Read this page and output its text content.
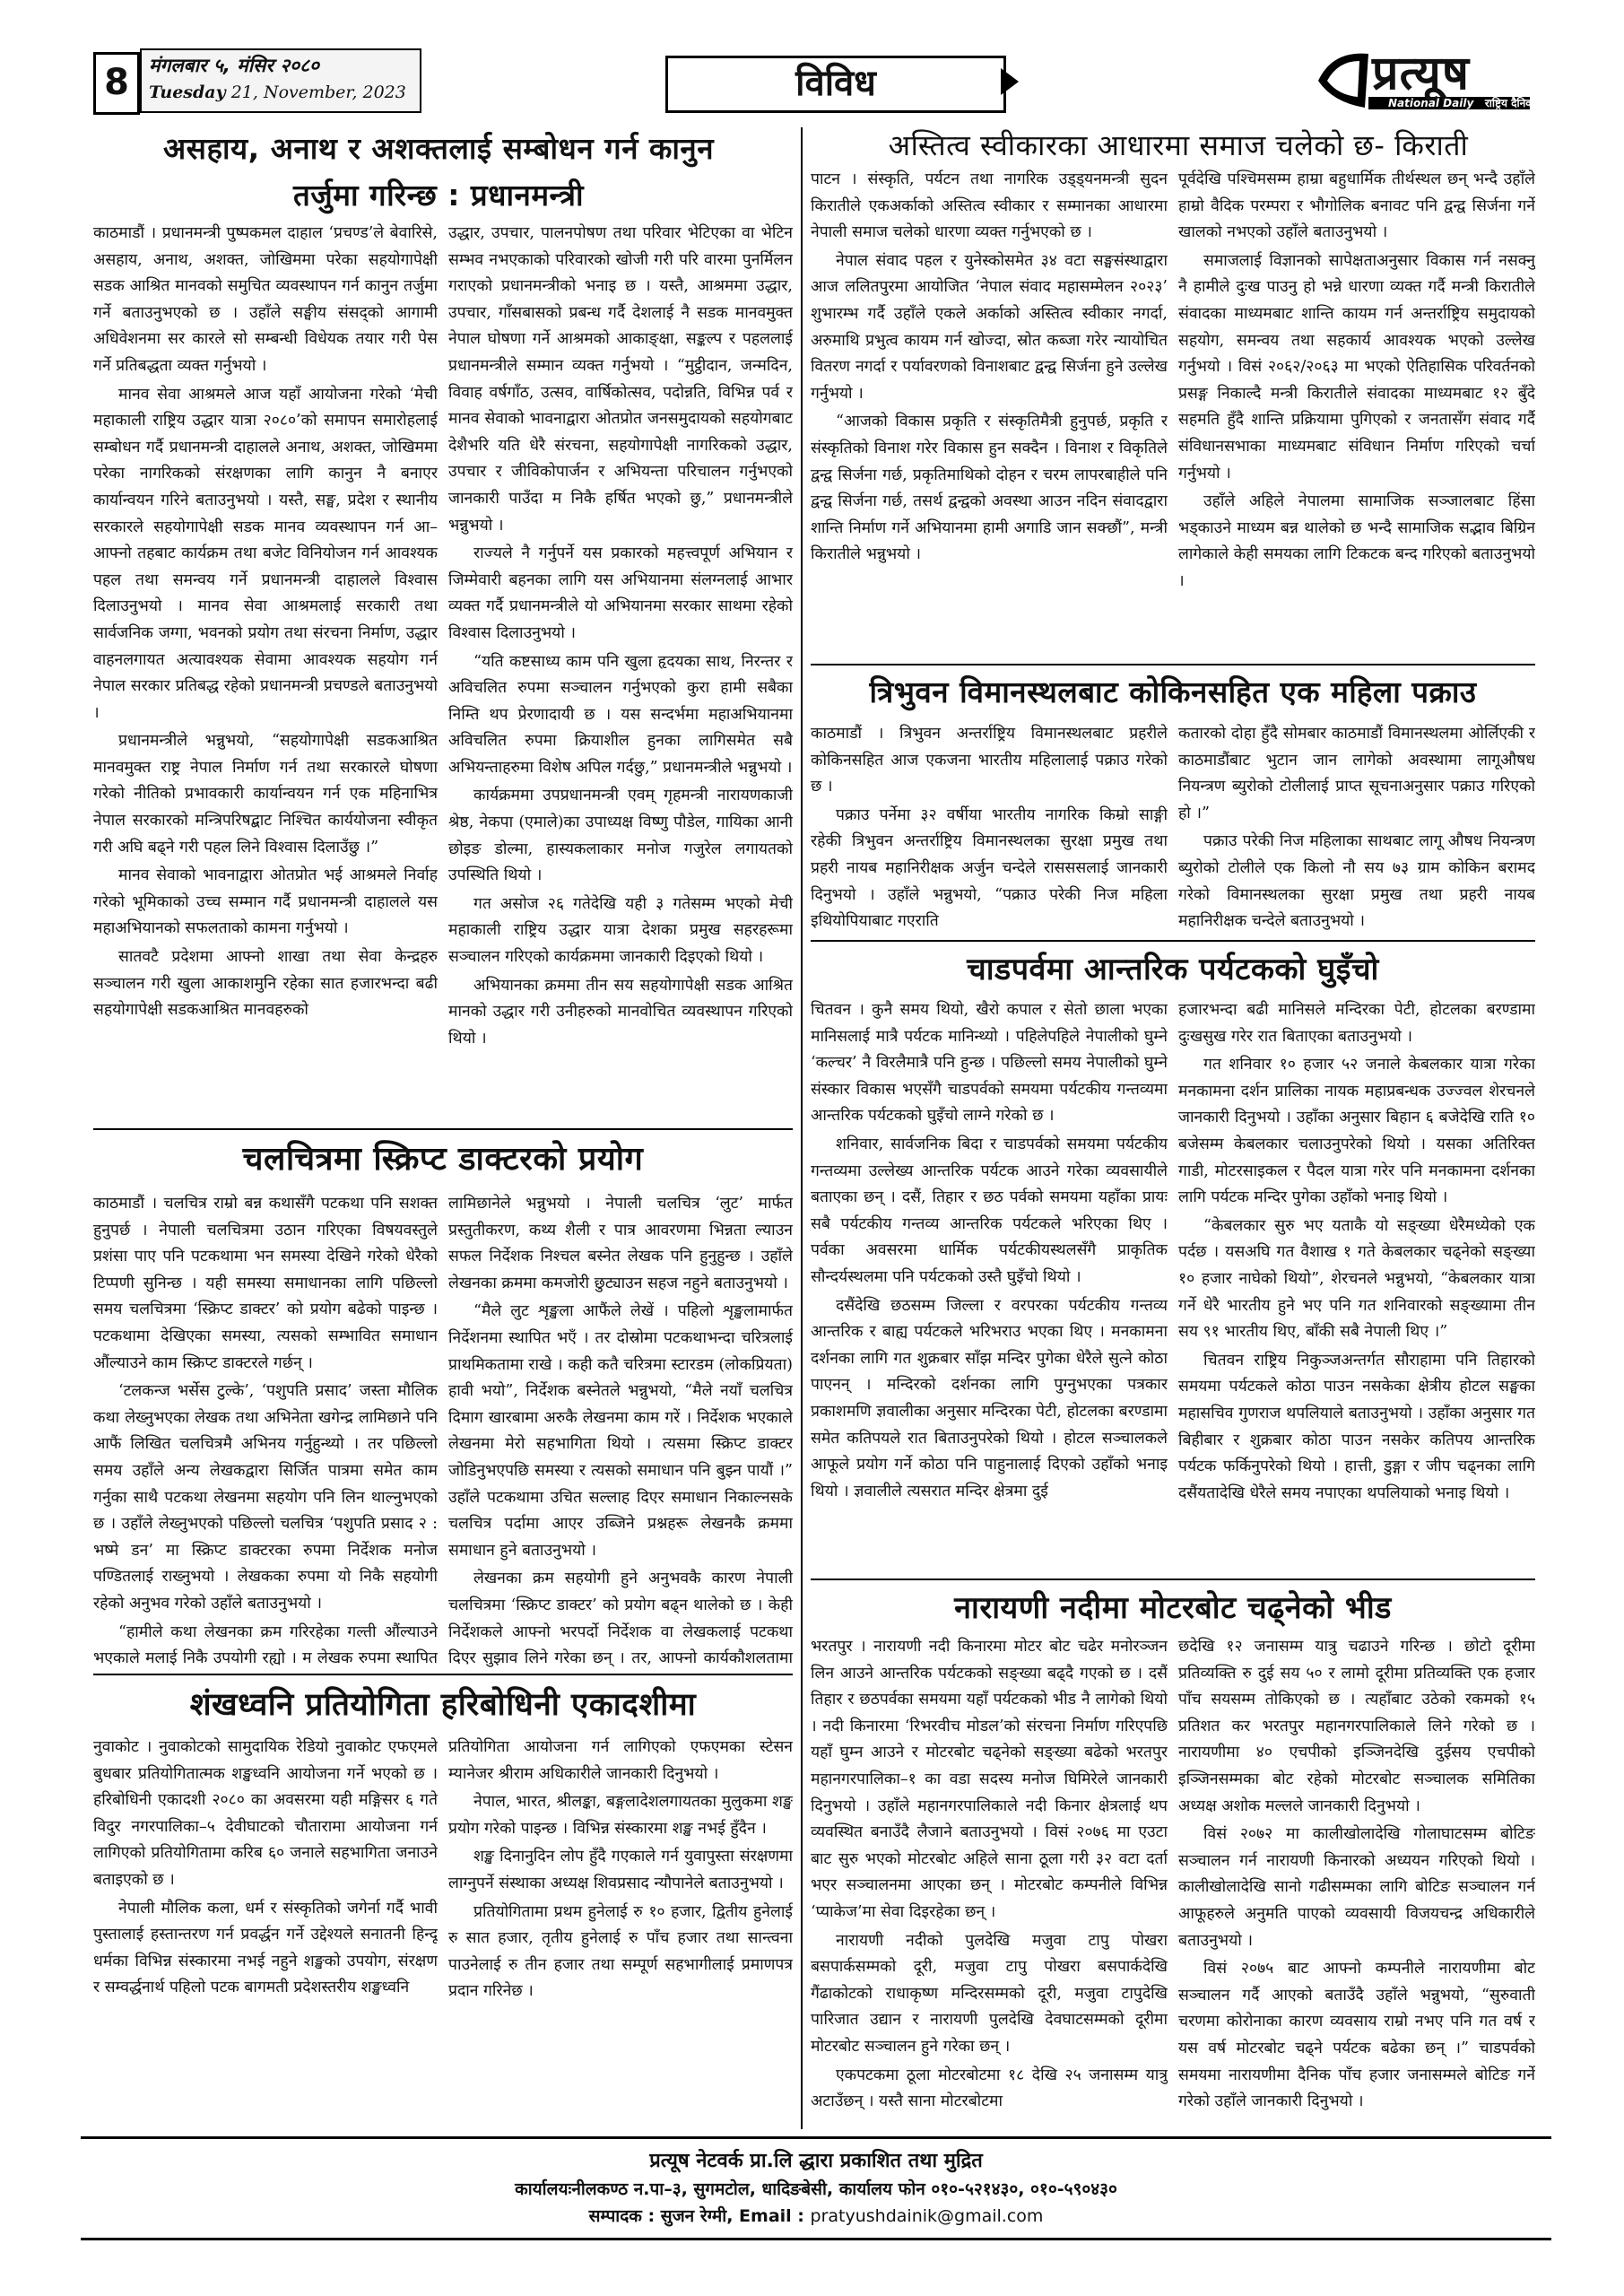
8	मंगलबार ५, मंसिर २०८०
Tuesday 21, November, 2023	विविध	प्रत्यूष
National Daily राष्ट्रिय दैनिक
असहाय, अनाथ र अशक्तलाई सम्बोधन गर्न कानुन
तर्जुमा गरिन्छ : प्रधानमन्त्री

काठमाडौं । प्रधानमन्त्री पुष्पकमल दाहाल ‘प्रचण्ड’ले बेवारिसे, असहाय, अनाथ, अशक्त, जोखिममा परेका सहयोगापेक्षी सडक आश्रित मानवको समुचित व्यवस्थापन गर्न कानुन तर्जुमा गर्ने बताउनुभएको छ । उहाँले सङ्घीय संसद्को आगामी अधिवेशनमा सर कारले सो सम्बन्धी विधेयक तयार गरी पेस गर्ने प्रतिबद्धता व्यक्त गर्नुभयो ।

मानव सेवा आश्रमले आज यहाँ आयोजना गरेको ‘मेची महाकाली राष्ट्रिय उद्धार यात्रा २०८०’को समापन समारोहलाई सम्बोधन गर्दै प्रधानमन्त्री दाहालले अनाथ, अशक्त, जोखिममा परेका नागरिकको संरक्षणका लागि कानुन नै बनाएर कार्यान्वयन गरिने बताउनुभयो । यस्तै, सङ्घ, प्रदेश र स्थानीय सरकारले सहयोगापेक्षी सडक मानव व्यवस्थापन गर्न आ–आफ्नो तहबाट कार्यक्रम तथा बजेट विनियोजन गर्न आवश्यक पहल तथा समन्वय गर्ने प्रधानमन्त्री दाहालले विश्वास दिलाउनुभयो । मानव सेवा आश्रमलाई सरकारी तथा सार्वजनिक जग्गा, भवनको प्रयोग तथा संरचना निर्माण, उद्धार वाहनलगायत अत्यावश्यक सेवामा आवश्यक सहयोग गर्न नेपाल सरकार प्रतिबद्ध रहेको प्रधानमन्त्री प्रचण्डले बताउनुभयो ।

प्रधानमन्त्रीले भन्नुभयो, “सहयोगापेक्षी सडकआश्रित मानवमुक्त राष्ट्र नेपाल निर्माण गर्न तथा सरकारले घोषणा गरेको नीतिको प्रभावकारी कार्यान्वयन गर्न एक महिनाभित्र नेपाल सरकारको मन्त्रिपरिषद्बाट निश्चित कार्ययोजना स्वीकृत गरी अघि बढ्ने गरी पहल लिने विश्वास दिलाउँछु ।”

मानव सेवाको भावनाद्वारा ओतप्रोत भई आश्रमले निर्वाह गरेको भूमिकाको उच्च सम्मान गर्दै प्रधानमन्त्री दाहालले यस महाअभियानको सफलताको कामना गर्नुभयो ।

सातवटै प्रदेशमा आफ्नो शाखा तथा सेवा केन्द्रहरु सञ्चालन गरी खुला आकाशमुनि रहेका सात हजारभन्दा बढी सहयोगापेक्षी सडकआश्रित मानवहरुको

उद्धार, उपचार, पालनपोषण तथा परिवार भेटिएका वा भेटिन सम्भव नभएकाको परिवारको खोजी गरी परि वारमा पुनर्मिलन गराएको प्रधानमन्त्रीको भनाइ छ । यस्तै, आश्रममा उद्धार, उपचार, गाँसबासको प्रबन्ध गर्दै देशलाई नै सडक मानवमुक्त नेपाल घोषणा गर्ने आश्रमको आकाङ्क्षा, सङ्कल्प र पहललाई प्रधानमन्त्रीले सम्मान व्यक्त गर्नुभयो । “मुट्ठीदान, जन्मदिन, विवाह वर्षगाँठ, उत्सव, वार्षिकोत्सव, पदोन्नति, विभिन्न पर्व र मानव सेवाको भावनाद्वारा ओतप्रोत जनसमुदायको सहयोगबाट देशैभरि यति धेरै संरचना, सहयोगापेक्षी नागरिकको उद्धार, उपचार र जीविकोपार्जन र अभियन्ता परिचालन गर्नुभएको जानकारी पाउँदा म निकै हर्षित भएको छु,” प्रधानमन्त्रीले भन्नुभयो ।

राज्यले नै गर्नुपर्ने यस प्रकारको महत्त्वपूर्ण अभियान र जिम्मेवारी बहनका लागि यस अभियानमा संलग्नलाई आभार व्यक्त गर्दै प्रधानमन्त्रीले यो अभियानमा सरकार साथमा रहेको विश्वास दिलाउनुभयो ।

“यति कष्टसाध्य काम पनि खुला हृदयका साथ, निरन्तर र अविचलित रुपमा सञ्चालन गर्नुभएको कुरा हामी सबैका निम्ति थप प्रेरणादायी छ । यस सन्दर्भमा महाअभियानमा अविचलित रुपमा क्रियाशील हुनका लागिसमेत सबै अभियन्ताहरुमा विशेष अपिल गर्दछु,” प्रधानमन्त्रीले भन्नुभयो ।

कार्यक्रममा उपप्रधानमन्त्री एवम् गृहमन्त्री नारायणकाजी श्रेष्ठ, नेकपा (एमाले)का उपाध्यक्ष विष्णु पौडेल, गायिका आनी छोइङ डोल्मा, हास्यकलाकार मनोज गजुरेल लगायतको उपस्थिति थियो ।

गत असोज २६ गतेदेखि यही ३ गतेसम्म भएको मेची महाकाली राष्ट्रिय उद्धार यात्रा देशका प्रमुख सहरहरूमा सञ्चालन गरिएको कार्यक्रममा जानकारी दिइएको थियो ।

अभियानका क्रममा तीन सय सहयोगापेक्षी सडक आश्रित मानको उद्धार गरी उनीहरुको मानवोचित व्यवस्थापन गरिएको थियो ।

चलचित्रमा स्क्रिप्ट डाक्टरको प्रयोग

काठमाडौं । चलचित्र राम्रो बन्न कथासँगै पटकथा पनि सशक्त हुनुपर्छ । नेपाली चलचित्रमा उठान गरिएका विषयवस्तुले प्रशंसा पाए पनि पटकथामा भन समस्या देखिने गरेको धेरैको टिप्पणी सुनिन्छ । यही समस्या समाधानका लागि पछिल्लो समय चलचित्रमा ‘स्क्रिप्ट डाक्टर’ को प्रयोग बढेको पाइन्छ । पटकथामा देखिएका समस्या, त्यसको सम्भावित समाधान औंल्याउने काम स्क्रिप्ट डाक्टरले गर्छन् ।

‘टलकन्ज भर्सेस टुल्के’, ‘पशुपति प्रसाद’ जस्ता मौलिक कथा लेख्नुभएका लेखक तथा अभिनेता खगेन्द्र लामिछाने पनि आफैं लिखित चलचित्रमै अभिनय गर्नुहुन्थ्यो । तर पछिल्लो समय उहाँले अन्य लेखकद्वारा सिर्जित पात्रमा समेत काम गर्नुका साथै पटकथा लेखनमा सहयोग पनि लिन थाल्नुभएको छ । उहाँले लेख्नुभएको पछिल्लो चलचित्र ‘पशुपति प्रसाद २ : भष्मे डन’ मा स्क्रिप्ट डाक्टरका रुपमा निर्देशक मनोज पण्डितलाई राख्नुभयो । लेखकका रुपमा यो निकै सहयोगी रहेको अनुभव गरेको उहाँले बताउनुभयो ।

“हामीले कथा लेखनका क्रम गरिरहेका गल्ती औंल्याउने भएकाले मलाई निकै उपयोगी रह्यो । म लेखक रुपमा स्थापित

लामिछानेले भन्नुभयो । नेपाली चलचित्र ‘लुट’ मार्फत प्रस्तुतीकरण, कथ्य शैली र पात्र आवरणमा भिन्नता ल्याउन सफल निर्देशक निश्चल बस्नेत लेखक पनि हुनुहुन्छ । उहाँले लेखनका क्रममा कमजोरी छुट्याउन सहज नहुने बताउनुभयो ।

“मैले लुट शृङ्खला आफैंले लेखें । पहिलो शृङ्खलामार्फत निर्देशनमा स्थापित भएँ । तर दोस्रोमा पटकथाभन्दा चरित्रलाई प्राथमिकतामा राखे । कही कतै चरित्रमा स्टारडम (लोकप्रियता) हावी भयो”, निर्देशक बस्नेतले भन्नुभयो, “मैले नयाँ चलचित्र दिमाग खारबामा अरुकै लेखनमा काम गरें । निर्देशक भएकाले लेखनमा मेरो सहभागिता थियो । त्यसमा स्क्रिप्ट डाक्टर जोडिनुभएपछि समस्या र त्यसको समाधान पनि बुझ्न पायौं ।” उहाँले पटकथामा उचित सल्लाह दिएर समाधान निकाल्नसके चलचित्र पर्दामा आएर उब्जिने प्रश्नहरू लेखनकै क्रममा समाधान हुने बताउनुभयो ।

लेखनका क्रम सहयोगी हुने अनुभवकै कारण नेपाली चलचित्रमा ‘स्क्रिप्ट डाक्टर’ को प्रयोग बढ्न थालेको छ । केही निर्देशकले आफ्नो भरपर्दो निर्देशक वा लेखकलाई पटकथा दिएर सुझाव लिने गरेका छन् । तर, आफ्नो कार्यकौशलतामा

शंखध्वनि प्रतियोगिता हरिबोधिनी एकादशीमा

नुवाकोट । नुवाकोटको सामुदायिक रेडियो नुवाकोट एफएमले बुधबार प्रतियोगितात्मक शङ्खध्वनि आयोजना गर्ने भएको छ । हरिबोधिनी एकादशी २०८० का अवसरमा यही मङ्गिसर ६ गते विदुर नगरपालिका–५ देवीघाटको चौतारामा आयोजना गर्न लागिएको प्रतियोगितामा करिब ६० जनाले सहभागिता जनाउने बताइएको छ ।

नेपाली मौलिक कला, धर्म र संस्कृतिको जगेर्ना गर्दै भावी पुस्तालाई हस्तान्तरण गर्न प्रवर्द्धन गर्ने उद्देश्यले सनातनी हिन्दू धर्मका विभिन्न संस्कारमा नभई नहुने शङ्खको उपयोग, संरक्षण र सम्वर्द्धनार्थ पहिलो पटक बागमती प्रदेशस्तरीय शङ्खध्वनि

प्रतियोगिता आयोजना गर्न लागिएको एफएमका स्टेसन म्यानेजर श्रीराम अधिकारीले जानकारी दिनुभयो ।

नेपाल, भारत, श्रीलङ्का, बङ्गलादेशलगायतका मुलुकमा शङ्ख प्रयोग गरेको पाइन्छ । विभिन्न संस्कारमा शङ्ख नभई हुँदैन ।

शङ्ख दिनानुदिन लोप हुँदै गएकाले गर्न युवापुस्ता संरक्षणमा लाग्नुपर्ने संस्थाका अध्यक्ष शिवप्रसाद न्यौपानेले बताउनुभयो ।

प्रतियोगितामा प्रथम हुनेलाई रु १० हजार, द्वितीय हुनेलाई रु सात हजार, तृतीय हुनेलाई रु पाँच हजार तथा सान्त्वना पाउनेलाई रु तीन हजार तथा सम्पूर्ण सहभागीलाई प्रमाणपत्र प्रदान गरिनेछ ।

अस्तित्व स्वीकारका आधारमा समाज चलेको छ- किराती

पाटन । संस्कृति, पर्यटन तथा नागरिक उड्ड्यनमन्त्री सुदन किरातीले एकअर्काको अस्तित्व स्वीकार र सम्मानका आधारमा नेपाली समाज चलेको धारणा व्यक्त गर्नुभएको छ ।

नेपाल संवाद पहल र युनेस्कोसमेत ३४ वटा सङ्घसंस्थाद्वारा आज ललितपुरमा आयोजित ‘नेपाल संवाद महासम्मेलन २०२३’ शुभारम्भ गर्दै उहाँले एकले अर्काको अस्तित्व स्वीकार नगर्दा, अरुमाथि प्रभुत्व कायम गर्न खोज्दा, स्रोत कब्जा गरेर न्यायोचित वितरण नगर्दा र पर्यावरणको विनाशबाट द्वन्द्व सिर्जना हुने उल्लेख गर्नुभयो ।

“आजको विकास प्रकृति र संस्कृतिमैत्री हुनुपर्छ, प्रकृति र संस्कृतिको विनाश गरेर विकास हुन सक्दैन । विनाश र विकृतिले द्वन्द्व सिर्जना गर्छ, प्रकृतिमाथिको दोहन र चरम लापरबाहीले पनि द्वन्द्व सिर्जना गर्छ, तसर्थ द्वन्द्वको अवस्था आउन नदिन संवादद्वारा शान्ति निर्माण गर्ने अभियानमा हामी अगाडि जान सक्छौं”, मन्त्री किरातीले भन्नुभयो ।

पूर्वदेखि पश्चिमसम्म हाम्रा बहुधार्मिक तीर्थस्थल छन् भन्दै उहाँले हाम्रो वैदिक परम्परा र भौगोलिक बनावट पनि द्वन्द्व सिर्जना गर्ने खालको नभएको उहाँले बताउनुभयो ।

समाजलाई विज्ञानको सापेक्षताअनुसार विकास गर्न नसक्नु नै हामीले दुःख पाउनु हो भन्ने धारणा व्यक्त गर्दै मन्त्री किरातीले संवादका माध्यमबाट शान्ति कायम गर्न अन्तर्राष्ट्रिय समुदायको सहयोग, समन्वय तथा सहकार्य आवश्यक भएको उल्लेख गर्नुभयो । विसं २०६२/२०६३ मा भएको ऐतिहासिक परिवर्तनको प्रसङ्ग निकाल्दै मन्त्री किरातीले संवादका माध्यमबाट १२ बुँदे सहमति हुँदै शान्ति प्रक्रियामा पुगिएको र जनतासँग संवाद गर्दै संविधानसभाका माध्यमबाट संविधान निर्माण गरिएको चर्चा गर्नुभयो ।

उहाँले अहिले नेपालमा सामाजिक सञ्जालबाट हिंसा भड्काउने माध्यम बन्न थालेको छ भन्दै सामाजिक सद्भाव बिग्रिन लागेकाले केही समयका लागि टिकटक बन्द गरिएको बताउनुभयो ।

त्रिभुवन विमानस्थलबाट कोकिनसहित एक महिला पक्राउ

काठमाडौं । त्रिभुवन अन्तर्राष्ट्रिय विमानस्थलबाट प्रहरीले कोकिनसहित आज एकजना भारतीय महिलालाई पक्राउ गरेको छ ।

पक्राउ पर्नेमा ३२ वर्षीया भारतीय नागरिक किम्रो साङ्गी रहेकी त्रिभुवन अन्तर्राष्ट्रिय विमानस्थलका सुरक्षा प्रमुख तथा प्रहरी नायब महानिरीक्षक अर्जुन चन्देले रासससलाई जानकारी दिनुभयो । उहाँले भन्नुभयो, “पक्राउ परेकी निज महिला इथियोपियाबाट गएराति

कतारको दोहा हुँदै सोमबार काठमाडौं विमानस्थलमा ओर्लिएकी र काठमाडौंबाट भुटान जान लागेको अवस्थामा लागूऔषध नियन्त्रण ब्युरोको टोलीलाई प्राप्त सूचनाअनुसार पक्राउ गरिएको हो ।”

पक्राउ परेकी निज महिलाका साथबाट लागू औषध नियन्त्रण ब्युरोको टोलीले एक किलो नौ सय ७३ ग्राम कोकिन बरामद गरेको विमानस्थलका सुरक्षा प्रमुख तथा प्रहरी नायब महानिरीक्षक चन्देले बताउनुभयो ।

चाडपर्वमा आन्तरिक पर्यटकको घुइँचो

चितवन । कुनै समय थियो, खैरो कपाल र सेतो छाला भएका मानिसलाई मात्रै पर्यटक मानिन्थ्यो । पहिलेपहिले नेपालीको घुम्ने ‘कल्चर’ नै विरलैमात्रै पनि हुन्छ । पछिल्लो समय नेपालीको घुम्ने संस्कार विकास भएसँगै चाडपर्वको समयमा पर्यटकीय गन्तव्यमा आन्तरिक पर्यटकको घुइँचो लाग्ने गरेको छ ।

शनिवार, सार्वजनिक बिदा र चाडपर्वको समयमा पर्यटकीय गन्तव्यमा उल्लेख्य आन्तरिक पर्यटक आउने गरेका व्यवसायीले बताएका छन् । दसैं, तिहार र छठ पर्वको समयमा यहाँका प्रायः सबै पर्यटकीय गन्तव्य आन्तरिक पर्यटकले भरिएका थिए । पर्वका अवसरमा धार्मिक पर्यटकीयस्थलसँगै प्राकृतिक सौन्दर्यस्थलमा पनि पर्यटकको उस्तै घुइँचो थियो ।

दसैंदेखि छठसम्म जिल्ला र वरपरका पर्यटकीय गन्तव्य आन्तरिक र बाह्य पर्यटकले भरिभराउ भएका थिए । मनकामना दर्शनका लागि गत शुक्रबार साँझ मन्दिर पुगेका धेरैले सुत्ने कोठा पाएनन् । मन्दिरको दर्शनका लागि पुग्नुभएका पत्रकार प्रकाशमणि ज्ञवालीका अनुसार मन्दिरका पेटी, होटलका बरण्डामा समेत कतिपयले रात बिताउनुपरेको थियो । होटल सञ्चालकले आफूले प्रयोग गर्ने कोठा पनि पाहुनालाई दिएको उहाँको भनाइ थियो । ज्ञवालीले त्यसरात मन्दिर क्षेत्रमा दुई

हजारभन्दा बढी मानिसले मन्दिरका पेटी, होटलका बरण्डामा दुःखसुख गरेर रात बिताएका बताउनुभयो ।

गत शनिवार १० हजार ५२ जनाले केबलकार यात्रा गरेका मनकामना दर्शन प्रालिका नायक महाप्रबन्धक उज्ज्वल शेरचनले जानकारी दिनुभयो । उहाँका अनुसार बिहान ६ बजेदेखि राति १० बजेसम्म केबलकार चलाउनुपरेको थियो । यसका अतिरिक्त गाडी, मोटरसाइकल र पैदल यात्रा गरेर पनि मनकामना दर्शनका लागि पर्यटक मन्दिर पुगेका उहाँको भनाइ थियो ।

“केबलकार सुरु भए यताकै यो सङ्ख्या धेरैमध्येको एक पर्दछ । यसअघि गत वैशाख १ गते केबलकार चढ्नेको सङ्ख्या १० हजार नाघेको थियो”, शेरचनले भन्नुभयो, “केबलकार यात्रा गर्ने धेरै भारतीय हुने भए पनि गत शनिवारको सङ्ख्यामा तीन सय ९१ भारतीय थिए, बाँकी सबै नेपाली थिए ।”

चितवन राष्ट्रिय निकुञ्जअन्तर्गत सौराहामा पनि तिहारको समयमा पर्यटकले कोठा पाउन नसकेका क्षेत्रीय होटल सङ्घका महासचिव गुणराज थपलियाले बताउनुभयो । उहाँका अनुसार गत बिहीबार र शुक्रबार कोठा पाउन नसकेर कतिपय आन्तरिक पर्यटक फर्किनुपरेको थियो । हात्ती, डुङ्गा र जीप चढ्नका लागि दसैंयतादेखि धेरैले समय नपाएका थपलियाको भनाइ थियो ।

नारायणी नदीमा मोटरबोट चढ्नेको भीड

भरतपुर । नारायणी नदी किनारमा मोटर बोट चढेर मनोरञ्जन लिन आउने आन्तरिक पर्यटकको सङ्ख्या बढ्दै गएको छ । दसैं तिहार र छठपर्वका समयमा यहाँ पर्यटकको भीड नै लागेको थियो । नदी किनारमा ‘रिभरवीच मोडल’को संरचना निर्माण गरिएपछि यहाँ घुम्न आउने र मोटरबोट चढ्नेको सङ्ख्या बढेको भरतपुर महानगरपालिका–१ का वडा सदस्य मनोज घिमिरेले जानकारी दिनुभयो । उहाँले महानगरपालिकाले नदी किनार क्षेत्रलाई थप व्यवस्थित बनाउँदै लैजाने बताउनुभयो । विसं २०७६ मा एउटा बाट सुरु भएको मोटरबोट अहिले साना ठूला गरी ३२ वटा दर्ता भएर सञ्चालनमा आएका छन् । मोटरबोट कम्पनीले विभिन्न ‘प्याकेज’मा सेवा दिइरहेका छन् ।

नारायणी नदीको पुलदेखि मजुवा टापु पोखरा बसपार्कसम्मको दूरी, मजुवा टापु पोखरा बसपार्कदेखि गैंढाकोटको राधाकृष्ण मन्दिरसम्मको दूरी, मजुवा टापुदेखि पारिजात उद्यान र नारायणी पुलदेखि देवघाटसम्मको दूरीमा मोटरबोट सञ्चालन हुने गरेका छन् ।

एकपटकमा ठूला मोटरबोटमा १८ देखि २५ जनासम्म यात्रु अटाउँछन् । यस्तै साना मोटरबोटमा

छदेखि १२ जनासम्म यात्रु चढाउने गरिन्छ । छोटो दूरीमा प्रतिव्यक्ति रु दुई सय ५० र लामो दूरीमा प्रतिव्यक्ति एक हजार पाँच सयसम्म तोकिएको छ । त्यहाँबाट उठेको रकमको १५ प्रतिशत कर भरतपुर महानगरपालिकाले लिने गरेको छ । नारायणीमा ४० एचपीको इञ्जिनदेखि दुईसय एचपीको इञ्जिनसम्मका बोट रहेको मोटरबोट सञ्चालक समितिका अध्यक्ष अशोक मल्लले जानकारी दिनुभयो ।

विसं २०७२ मा कालीखोलादेखि गोलाघाटसम्म बोटिङ सञ्चालन गर्न नारायणी किनारको अध्ययन गरिएको थियो । कालीखोलादेखि सानो गढीसम्मका लागि बोटिङ सञ्चालन गर्न आफूहरुले अनुमति पाएको व्यवसायी विजयचन्द्र अधिकारीले बताउनुभयो ।

विसं २०७५ बाट आफ्नो कम्पनीले नारायणीमा बोट सञ्चालन गर्दै आएको बताउँदै उहाँले भन्नुभयो, “सुरुवाती चरणमा कोरोनाका कारण व्यवसाय राम्रो नभए पनि गत वर्ष र यस वर्ष मोटरबोट चढ्ने पर्यटक बढेका छन् ।” चाडपर्वको समयमा नारायणीमा दैनिक पाँच हजार जनासम्मले बोटिङ गर्ने गरेको उहाँले जानकारी दिनुभयो ।

प्रत्यूष नेटवर्क प्रा.लि द्धारा प्रकाशित तथा मुद्रित
कार्यालयःनीलकण्ठ न.पा–३, सुगमटोल, धादिङबेसी, कार्यालय फोन ०१०-५२१४३०, ०१०-५९०४३०
सम्पादक : सुजन रेग्मी, Email : pratyushdainik@gmail.com
